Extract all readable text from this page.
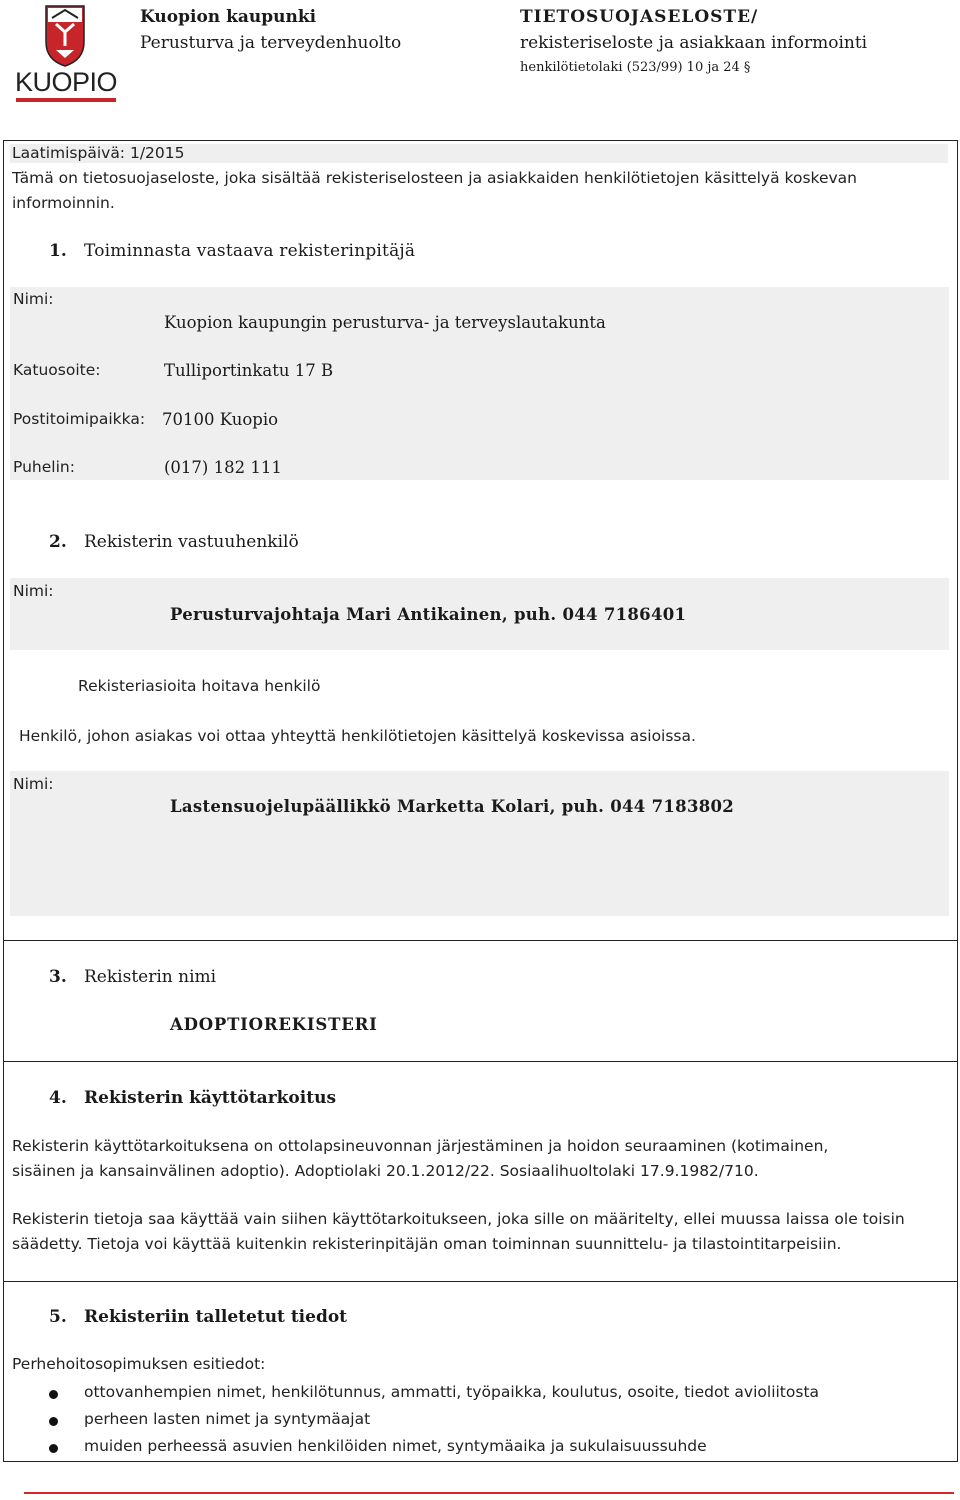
KUOPIO
Kuopion kaupunki
Perusturva ja terveydenhuolto
TIETOSUOJASELOSTE/
rekisteriseloste ja asiakkaan informointi
henkilötietolaki (523/99) 10 ja 24 §
Laatimispäivä: 1/2015
Tämä on tietosuojaseloste, joka sisältää rekisteriselosteen ja asiakkaiden henkilötietojen käsittelyä koskevan
informoinnin.
1. Toiminnasta vastaava rekisterinpitäjä
Nimi:
Kuopion kaupungin perusturva- ja terveyslautakunta
Katuosoite:	Tulliportinkatu 17 B
Postitoimipaikka: 70100 Kuopio
Puhelin:	(017) 182 111
2. Rekisterin vastuuhenkilö
Nimi:
Perusturvajohtaja Mari Antikainen, puh. 044 7186401
Rekisteriasioita hoitava henkilö
Henkilö, johon asiakas voi ottaa yhteyttä henkilötietojen käsittelyä koskevissa asioissa.
Nimi:
Lastensuojelupäällikkö Marketta Kolari, puh. 044 7183802
3. Rekisterin nimi
ADOPTIOREKISTERI
4. Rekisterin käyttötarkoitus
Rekisterin käyttötarkoituksena on ottolapsineuvonnan järjestäminen ja hoidon seuraaminen (kotimainen,
sisäinen ja kansainvälinen adoptio). Adoptiolaki 20.1.2012/22. Sosiaalihuoltolaki 17.9.1982/710.
Rekisterin tietoja saa käyttää vain siihen käyttötarkoitukseen, joka sille on määritelty, ellei muussa laissa ole toisin
säädetty. Tietoja voi käyttää kuitenkin rekisterinpitäjän oman toiminnan suunnittelu- ja tilastointitarpeisiin.
5. Rekisteriin talletetut tiedot
Perhehoitosopimuksen esitiedot:
ottovanhempien nimet, henkilötunnus, ammatti, työpaikka, koulutus, osoite, tiedot avioliitosta
perheen lasten nimet ja syntymäajat
muiden perheessä asuvien henkilöiden nimet, syntymäaika ja sukulaisuussuhde
